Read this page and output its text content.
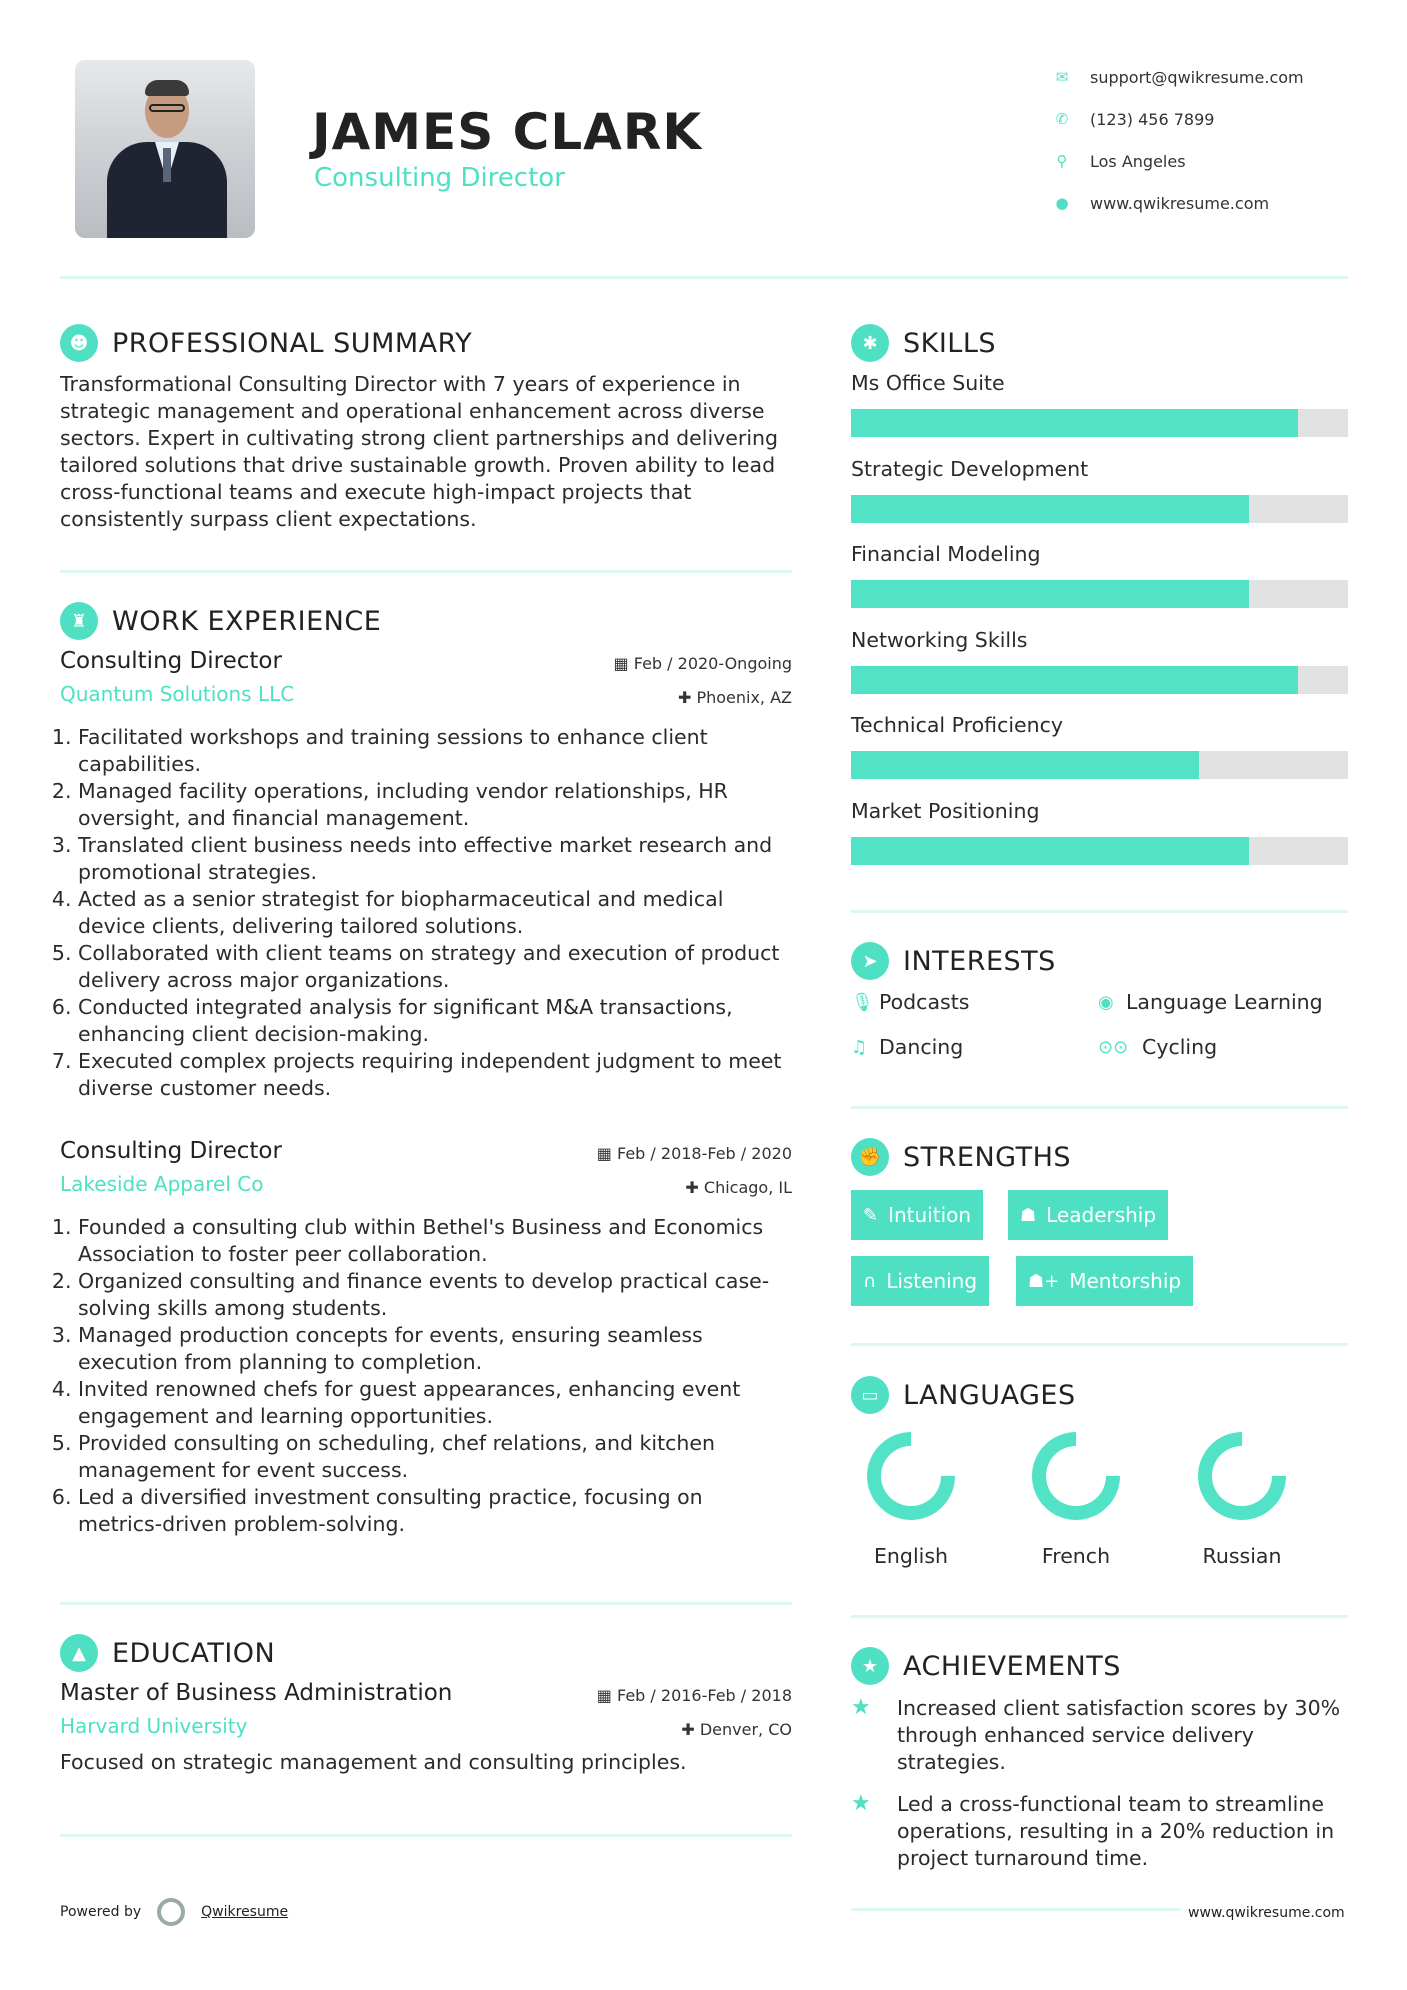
JAMES CLARK
Consulting Director
✉ support@qwikresume.com
✆ (123) 456 7899
⚲ Los Angeles
● www.qwikresume.com
☻ PROFESSIONAL SUMMARY
Transformational Consulting Director with 7 years of experience in strategic management and operational enhancement across diverse sectors. Expert in cultivating strong client partnerships and delivering tailored solutions that drive sustainable growth. Proven ability to lead cross-functional teams and execute high-impact projects that consistently surpass client expectations.
♜ WORK EXPERIENCE
Consulting Director
Quantum Solutions LLC
▦ Feb / 2020-Ongoing
✚ Phoenix, AZ
1. Facilitated workshops and training sessions to enhance client capabilities.
2. Managed facility operations, including vendor relationships, HR oversight, and financial management.
3. Translated client business needs into effective market research and promotional strategies.
4. Acted as a senior strategist for biopharmaceutical and medical device clients, delivering tailored solutions.
5. Collaborated with client teams on strategy and execution of product delivery across major organizations.
6. Conducted integrated analysis for significant M&A transactions, enhancing client decision-making.
7. Executed complex projects requiring independent judgment to meet diverse customer needs.
Consulting Director
Lakeside Apparel Co
▦ Feb / 2018-Feb / 2020
✚ Chicago, IL
1. Founded a consulting club within Bethel's Business and Economics Association to foster peer collaboration.
2. Organized consulting and finance events to develop practical case-solving skills among students.
3. Managed production concepts for events, ensuring seamless execution from planning to completion.
4. Invited renowned chefs for guest appearances, enhancing event engagement and learning opportunities.
5. Provided consulting on scheduling, chef relations, and kitchen management for event success.
6. Led a diversified investment consulting practice, focusing on metrics-driven problem-solving.
▲ EDUCATION
Master of Business Administration
Harvard University
▦ Feb / 2016-Feb / 2018
✚ Denver, CO
Focused on strategic management and consulting principles.
✱ SKILLS
Ms Office Suite
Strategic Development
Financial Modeling
Networking Skills
Technical Proficiency
Market Positioning
➤ INTERESTS
🎙︎ Podcasts	◉ Language Learning
♫ Dancing	⊙⊙ Cycling
✊ STRENGTHS
✎ Intuition	☗ Leadership
∩ Listening	☗+ Mentorship
▭ LANGUAGES
English	French	Russian
★ ACHIEVEMENTS
★	Increased client satisfaction scores by 30% through enhanced service delivery strategies.
★	Led a cross-functional team to streamline operations, resulting in a 20% reduction in project turnaround time.
Powered by	Qwikresume	www.qwikresume.com
